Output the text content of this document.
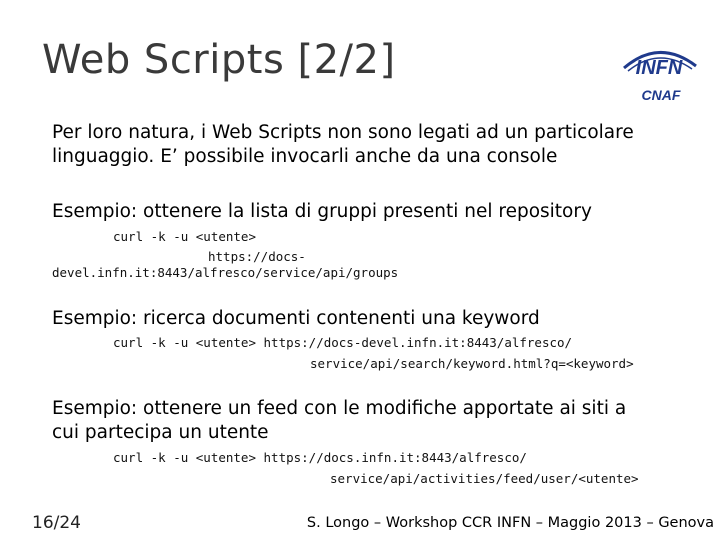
Web Scripts [2/2]	INFN
CNAF
Per loro natura, i Web Scripts non sono legati ad un particolare
linguaggio. E’ possibile invocarli anche da una console
Esempio: ottenere la lista di gruppi presenti nel repository
curl -k -u <utente>
https://docs-
devel.infn.it:8443/alfresco/service/api/groups
Esempio: ricerca documenti contenenti una keyword
curl -k -u <utente> https://docs-devel.infn.it:8443/alfresco/
service/api/search/keyword.html?q=<keyword>
Esempio: ottenere un feed con le modifiche apportate ai siti a
cui partecipa un utente
curl -k -u <utente> https://docs.infn.it:8443/alfresco/
service/api/activities/feed/user/<utente>
16/24	S. Longo – Workshop CCR INFN – Maggio 2013 – Genova
